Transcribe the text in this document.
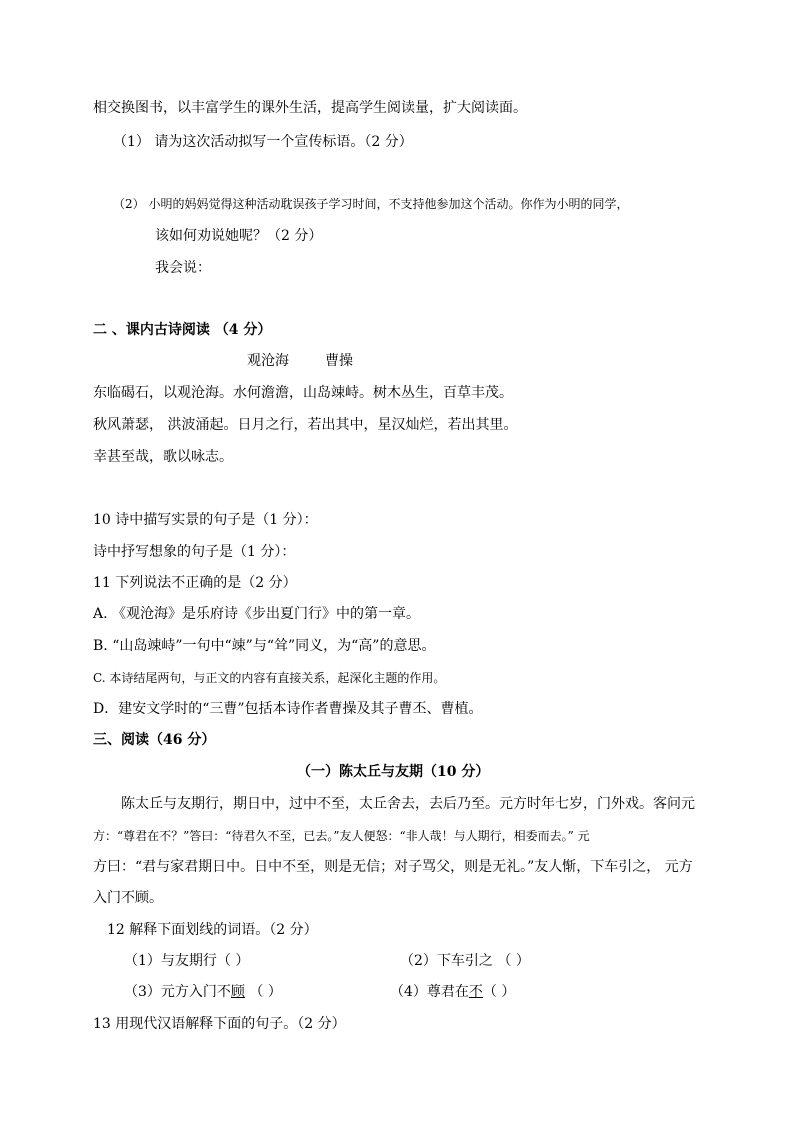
相交换图书，以丰富学生的课外生活，提高学生阅读量，扩大阅读面。
（1） 请为这次活动拟写一个宣传标语。（2 分）
（2） 小明的妈妈觉得这种活动耽误孩子学习时间，不支持他参加这个活动。你作为小明的同学，
该如何劝说她呢？（2 分）
我会说：
二 、课内古诗阅读 （4 分）
观沧海	曹操
东临碣石，以观沧海。水何澹澹，山岛竦峙。树木丛生，百草丰茂。
秋风萧瑟， 洪波涌起。日月之行，若出其中，星汉灿烂，若出其里。
幸甚至哉，歌以咏志。
10 诗中描写实景的句子是（1 分）：
诗中抒写想象的句子是（1 分）：
11 下列说法不正确的是（2 分）
A. 《观沧海》是乐府诗《步出夏门行》中的第一章。
B. “山岛竦峙”一句中“竦”与“耸”同义，为“高”的意思。
C. 本诗结尾两句，与正文的内容有直接关系，起深化主题的作用。
D．建安文学时的“三曹”包括本诗作者曹操及其子曹丕、曹植。
三、阅读（46 分）
（一）陈太丘与友期（10 分）
陈太丘与友期行，期日中，过中不至，太丘舍去，去后乃至。元方时年七岁，门外戏。客问元
方：“尊君在不？”答曰：“待君久不至，已去。”友人便怒：“非人哉！与人期行，相委而去。” 元
方曰：“君与家君期日中。日中不至，则是无信；对子骂父，则是无礼。”友人惭，下车引之， 元方
入门不顾。
12 解释下面划线的词语。（2 分）
（1）与友期行（ ）	（2）下车引之 （ ）
（3）元方入门不顾 （ ）	（4）尊君在不（ ）
13 用现代汉语解释下面的句子。（2 分）
